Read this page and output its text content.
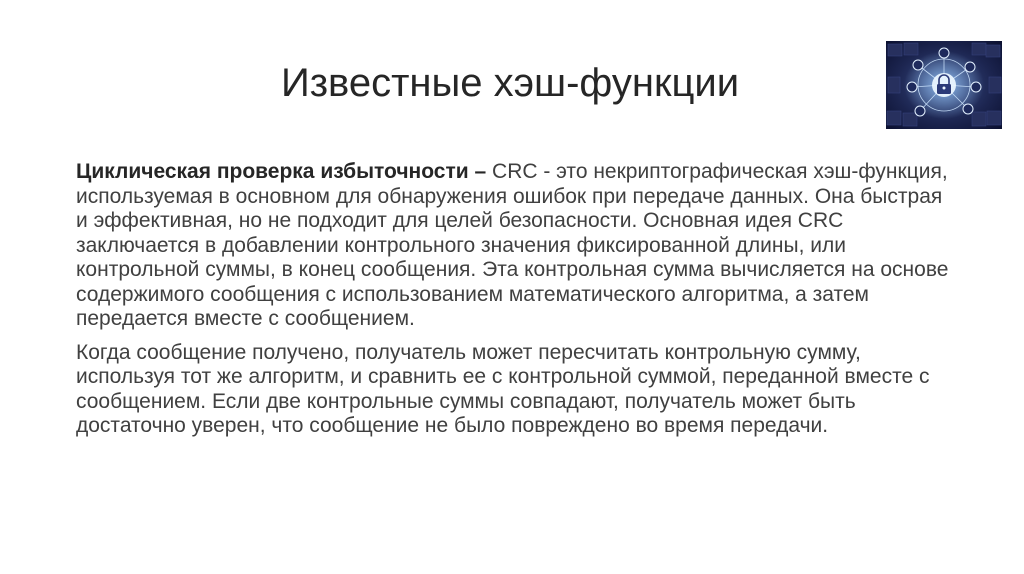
Известные хэш-функции

Циклическая проверка избыточности – CRC - это некриптографическая хэш-функция, используемая в основном для обнаружения ошибок при передаче данных. Она быстрая и эффективная, но не подходит для целей безопасности. Основная идея CRC заключается в добавлении контрольного значения фиксированной длины, или контрольной суммы, в конец сообщения. Эта контрольная сумма вычисляется на основе содержимого сообщения с использованием математического алгоритма, а затем передается вместе с сообщением.

Когда сообщение получено, получатель может пересчитать контрольную сумму, используя тот же алгоритм, и сравнить ее с контрольной суммой, переданной вместе с сообщением. Если две контрольные суммы совпадают, получатель может быть достаточно уверен, что сообщение не было повреждено во время передачи.
